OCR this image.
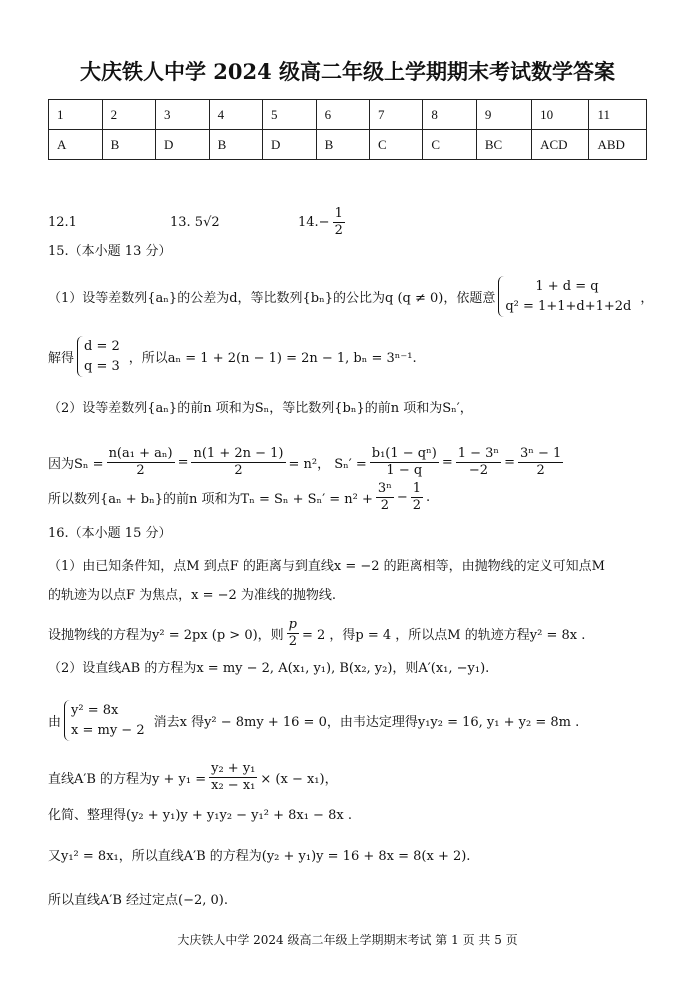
大庆铁人中学 2024 级高二年级上学期期末考试数学答案
1	2	3	4	5	6	7	8	9	10	11
A	B	D	B	D	B	C	C	BC	ACD	ABD
12.1	13. 5√2	$14.- \frac{1}{2}$
15.（本小题 13 分）
（1）设等差数列{aₙ}的公差为d，等比数列{bₙ}的公比为q (q ≠ 0)，依题意
1 + d = q
q² = 1+1+d+1+2d ，
解得
d = 2
q = 3 ，所以aₙ = 1 + 2(n − 1) = 2n − 1, bₙ = 3ⁿ⁻¹.
（2）设等差数列{aₙ}的前n 项和为Sₙ，等比数列{bₙ}的前n 项和为Sₙ′，
因为$S_n = \frac{\text{n(a₁ + aₙ)}}{2} = \frac{n(1 + 2n - 1)}{2} = n^2$， $S_n' = \frac{\text{b₁(1 − qⁿ)}}{1 - q} = \frac{\text{1 − 3ⁿ}}{-2} = \frac{\text{3ⁿ − 1}}{2}$
所以数列{aₙ + bₙ}的前n 项和为$T_n = S_n + S_n' = n^2 + \frac{\text{3ⁿ}}{2} - \frac{1}{2}$ .
16.（本小题 15 分）
（1）由已知条件知，点M 到点F 的距离与到直线x = −2 的距离相等，由抛物线的定义可知点M
的轨迹为以点F 为焦点，x = −2 为准线的抛物线.
设抛物线的方程为y² = 2px (p > 0)，则 $\frac{p}{2} = 2$ ，得p = 4 ，所以点M 的轨迹方程y² = 8x .
（2）设直线AB 的方程为x = my − 2, A(x₁, y₁), B(x₂, y₂)，则A′(x₁, −y₁).
由
y² = 8x
x = my − 2 消去x 得y² − 8my + 16 = 0，由韦达定理得y₁y₂ = 16, y₁ + y₂ = 8m .
直线A′B 的方程为$y + y_1 = \frac{\text{y₂ + y₁}}{\text{x₂ − x₁}} \times (x - x_1)$，
化简、整理得(y₂ + y₁)y + y₁y₂ − y₁² + 8x₁ − 8x .
又y₁² = 8x₁，所以直线A′B 的方程为(y₂ + y₁)y = 16 + 8x = 8(x + 2).
所以直线A′B 经过定点(−2, 0).
大庆铁人中学 2024 级高二年级上学期期末考试 第 1 页 共 5 页
